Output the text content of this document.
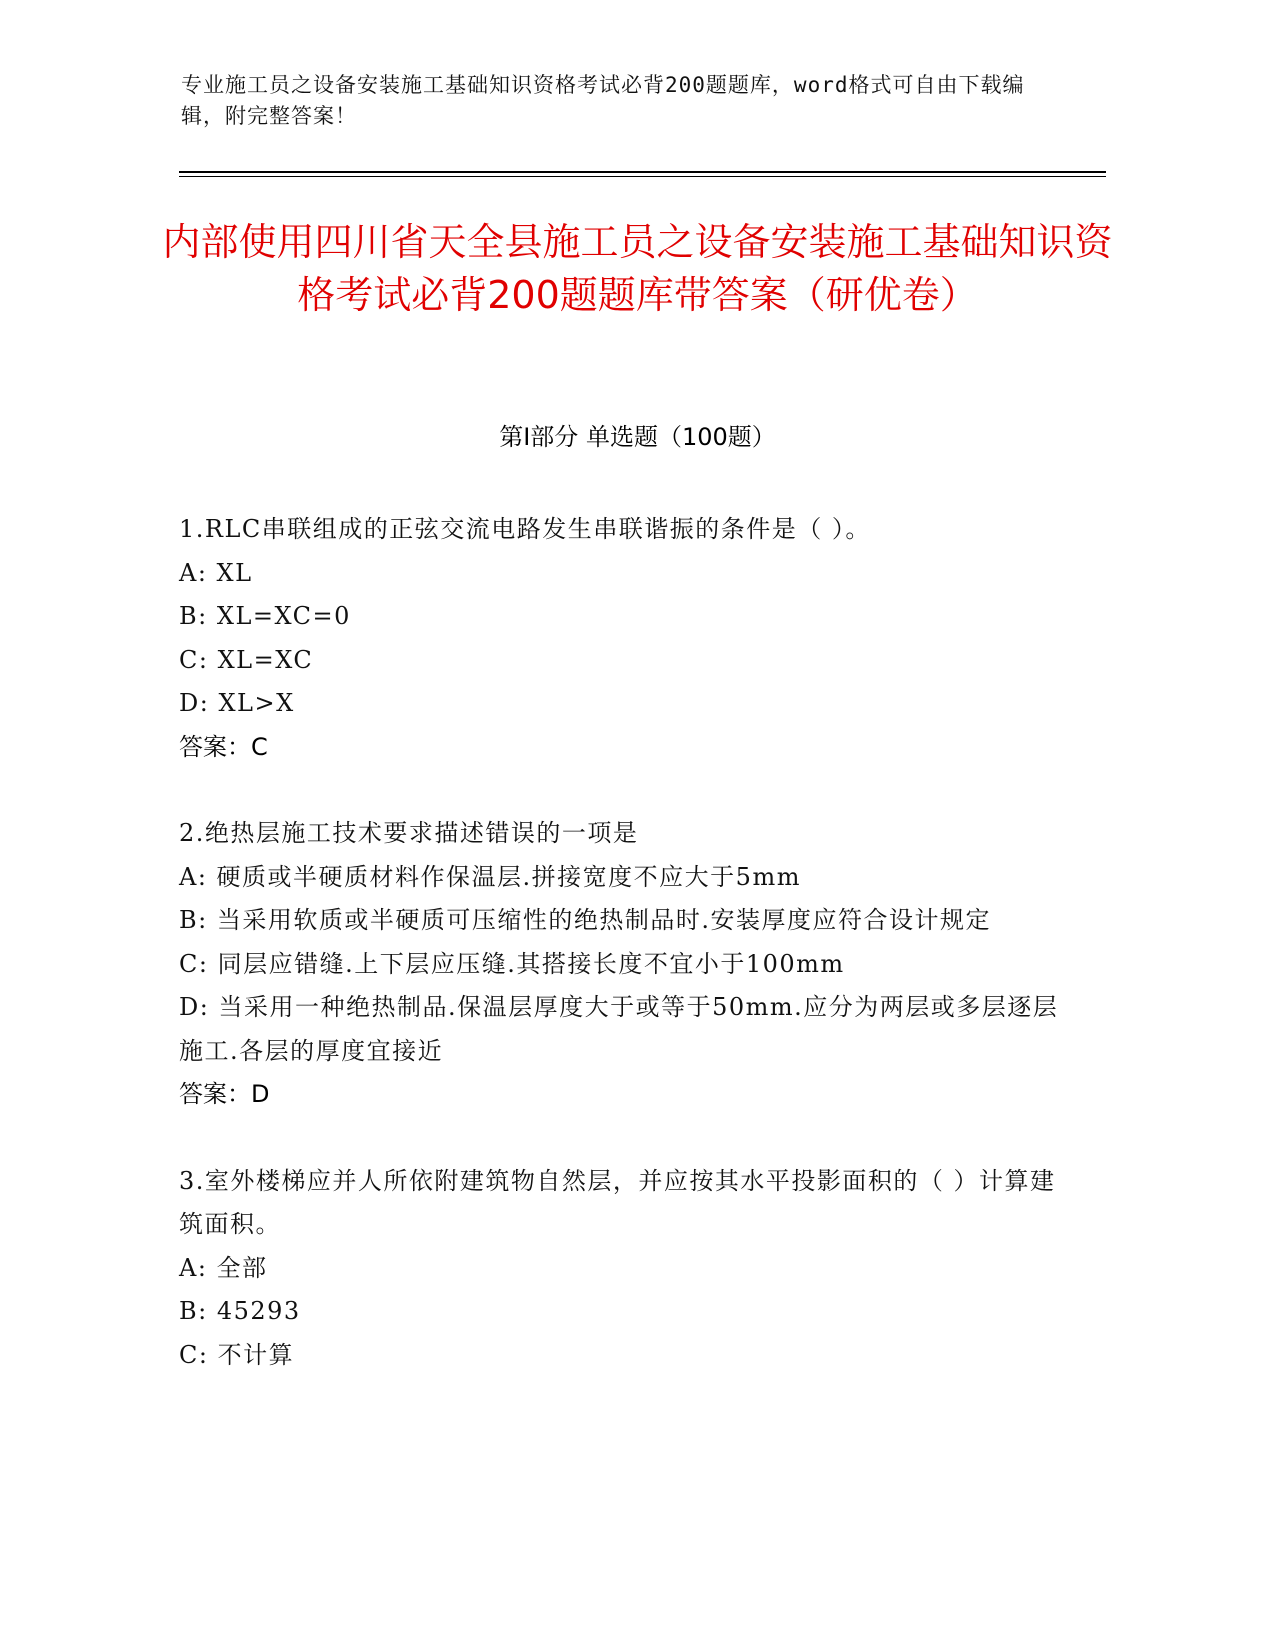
专业施工员之设备安装施工基础知识资格考试必背200题题库，word格式可自由下载编辑，附完整答案！
内部使用四川省天全县施工员之设备安装施工基础知识资格考试必背200题题库带答案（研优卷）
第Ⅰ部分 单选题（100题）
1.RLC串联组成的正弦交流电路发生串联谐振的条件是（ ）。
A: XL
B: XL=XC=0
C: XL=XC
D: XL>X
答案：C
2.绝热层施工技术要求描述错误的一项是
A: 硬质或半硬质材料作保温层.拼接宽度不应大于5mm
B: 当采用软质或半硬质可压缩性的绝热制品时.安装厚度应符合设计规定
C: 同层应错缝.上下层应压缝.其搭接长度不宜小于100mm
D: 当采用一种绝热制品.保温层厚度大于或等于50mm.应分为两层或多层逐层施工.各层的厚度宜接近
答案：D
3.室外楼梯应并人所依附建筑物自然层，并应按其水平投影面积的（ ）计算建筑面积。
A: 全部
B: 45293
C: 不计算
